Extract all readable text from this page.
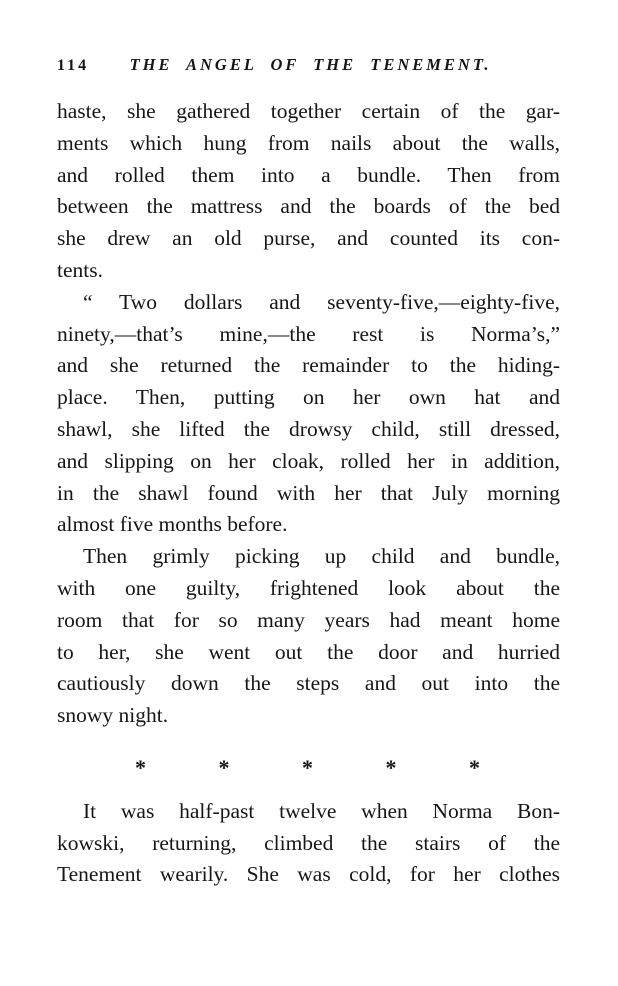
114	THE ANGEL OF THE TENEMENT.
haste, she gathered together certain of the gar-
ments which hung from nails about the walls,
and rolled them into a bundle. Then from
between the mattress and the boards of the bed
she drew an old purse, and counted its con-
tents.
“ Two dollars and seventy-five,—eighty-five,
ninety,—that’s mine,—the rest is Norma’s,”
and she returned the remainder to the hiding-
place. Then, putting on her own hat and
shawl, she lifted the drowsy child, still dressed,
and slipping on her cloak, rolled her in addition,
in the shawl found with her that July morning
almost five months before.
Then grimly picking up child and bundle,
with one guilty, frightened look about the
room that for so many years had meant home
to her, she went out the door and hurried
cautiously down the steps and out into the
snowy night.
*	*	*	*	*
It was half-past twelve when Norma Bon-
kowski, returning, climbed the stairs of the
Tenement wearily. She was cold, for her clothes
